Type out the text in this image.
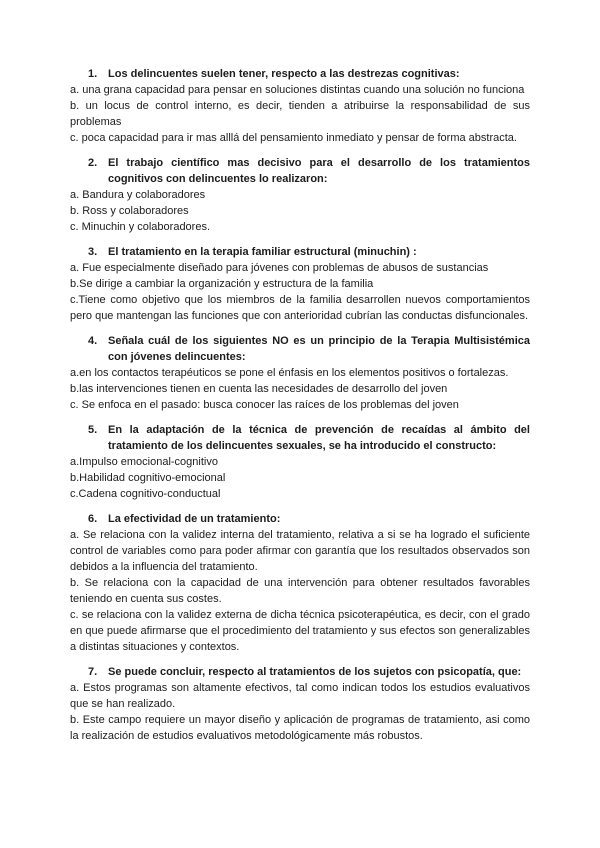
1. Los delincuentes suelen tener, respecto a las destrezas cognitivas:

a. una grana capacidad para pensar en soluciones distintas cuando una solución no funciona

b. un locus de control interno, es decir, tienden a atribuirse la responsabilidad de sus problemas

c. poca capacidad para ir mas alllá del pensamiento inmediato y pensar de forma abstracta.

2. El trabajo científico mas decisivo para el desarrollo de los tratamientos cognitivos con delincuentes lo realizaron:

a. Bandura y colaboradores

b. Ross y colaboradores

c. Minuchin y colaboradores.

3. El tratamiento en la terapia familiar estructural (minuchin) :

a. Fue especialmente diseñado para jóvenes con problemas de abusos de sustancias

b.Se dirige a cambiar la organización y estructura de la familia

c.Tiene como objetivo que los miembros de la familia desarrollen nuevos comportamientos pero que mantengan las funciones que con anterioridad cubrían las conductas disfuncionales.

4. Señala cuál de los siguientes NO es un principio de la Terapia Multisistémica con jóvenes delincuentes:

a.en los contactos terapéuticos se pone el énfasis en los elementos positivos o fortalezas.

b.las intervenciones tienen en cuenta las necesidades de desarrollo del joven

c. Se enfoca en el pasado: busca conocer las raíces de los problemas del joven

5. En la adaptación de la técnica de prevención de recaídas al ámbito del tratamiento de los delincuentes sexuales, se ha introducido el constructo:

a.Impulso emocional-cognitivo

b.Habilidad cognitivo-emocional

c.Cadena cognitivo-conductual

6. La efectividad de un tratamiento:

a. Se relaciona con la validez interna del tratamiento, relativa a si se ha logrado el suficiente control de variables como para poder afirmar con garantía que los resultados observados son debidos a la influencia del tratamiento.

b. Se relaciona con la capacidad de una intervención para obtener resultados favorables teniendo en cuenta sus costes.

c. se relaciona con la validez externa de dicha técnica psicoterapéutica, es decir, con el grado en que puede afirmarse que el procedimiento del tratamiento y sus efectos son generalizables a distintas situaciones y contextos.

7. Se puede concluir, respecto al tratamientos de los sujetos con psicopatía, que:

a. Estos programas son altamente efectivos, tal como indican todos los estudios evaluativos que se han realizado.

b. Este campo requiere un mayor diseño y aplicación de programas de tratamiento, asi como la realización de estudios evaluativos metodológicamente más robustos.
